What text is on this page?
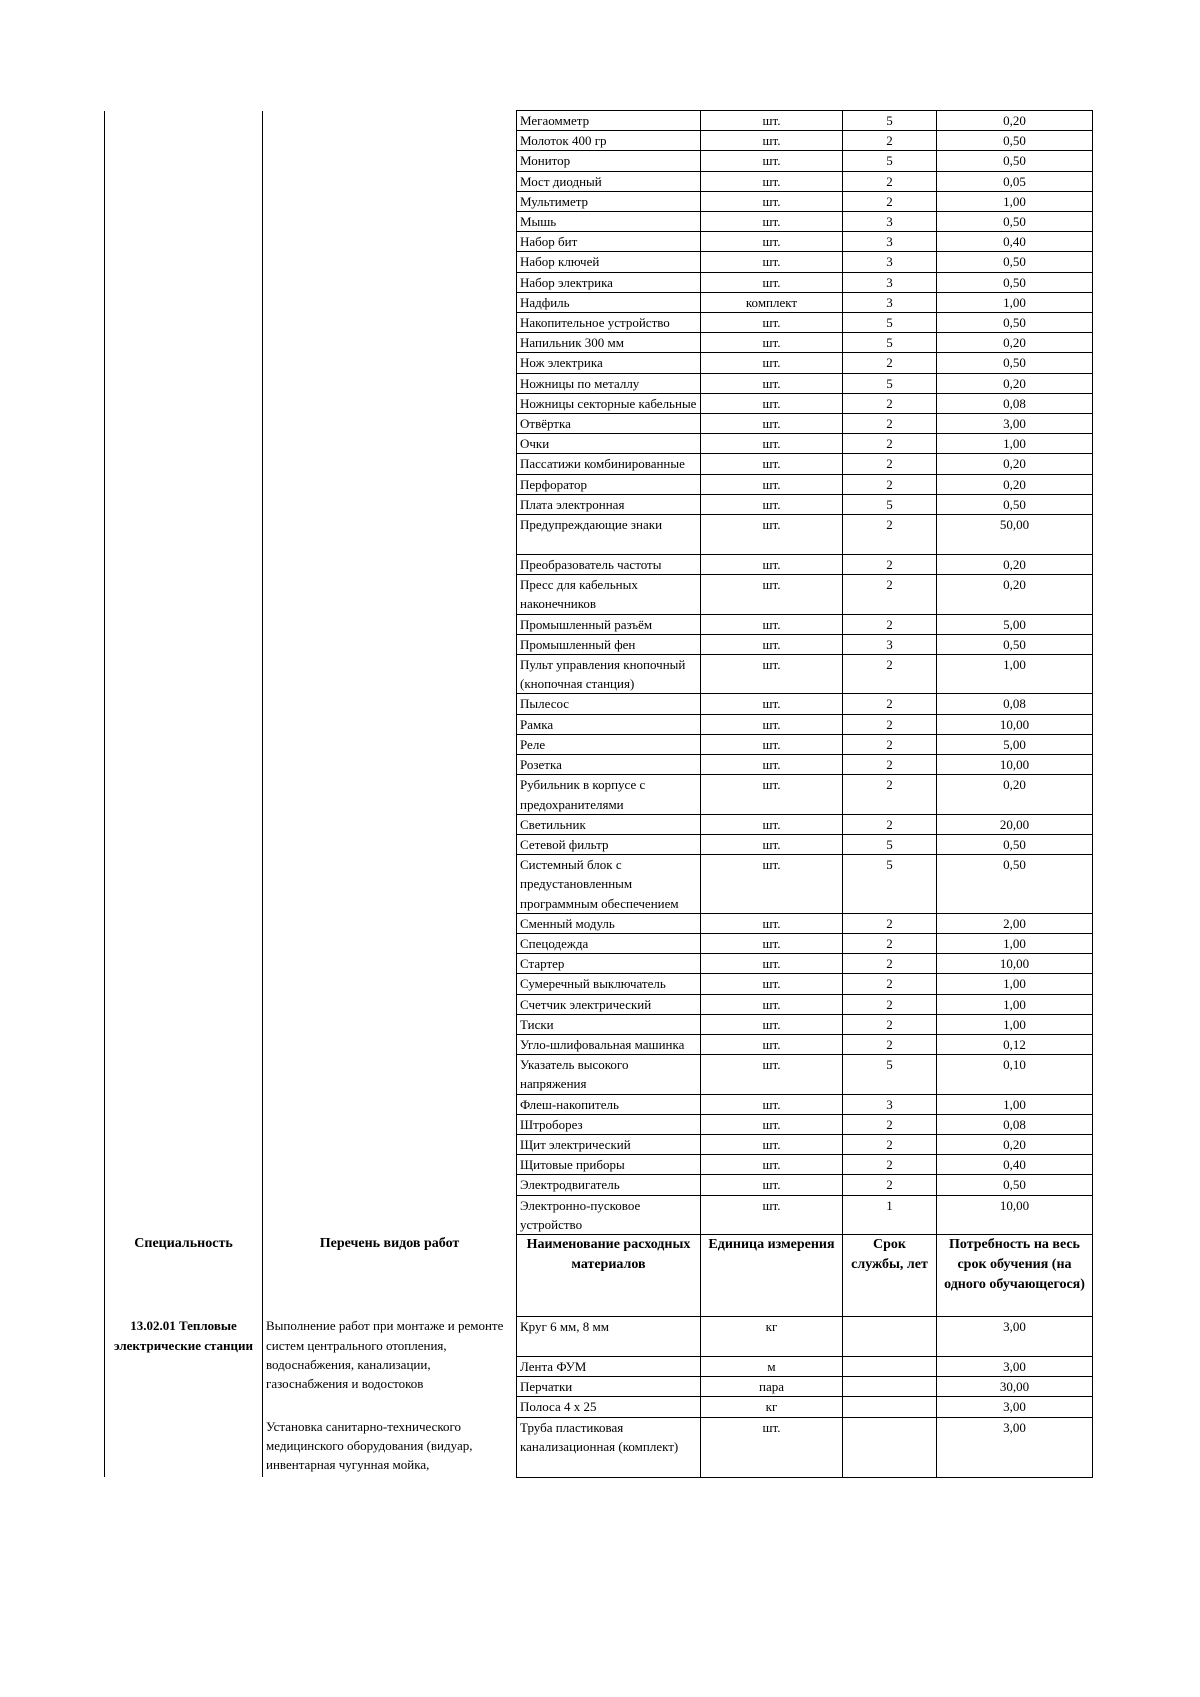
		Мегаомметр	шт.	5	0,20
		Молоток 400 гр	шт.	2	0,50
		Монитор	шт.	5	0,50
		Мост диодный	шт.	2	0,05
		Мультиметр	шт.	2	1,00
		Мышь	шт.	3	0,50
		Набор бит	шт.	3	0,40
		Набор ключей	шт.	3	0,50
		Набор электрика	шт.	3	0,50
		Надфиль	комплект	3	1,00
		Накопительное устройство	шт.	5	0,50
		Напильник 300 мм	шт.	5	0,20
		Нож электрика	шт.	2	0,50
		Ножницы по металлу	шт.	5	0,20
		Ножницы секторные кабельные	шт.	2	0,08
		Отвёртка	шт.	2	3,00
		Очки	шт.	2	1,00
		Пассатижи комбинированные	шт.	2	0,20
		Перфоратор	шт.	2	0,20
		Плата электронная	шт.	5	0,50
		Предупреждающие знаки	шт.	2	50,00
		Преобразователь частоты	шт.	2	0,20
		Пресс для кабельных наконечников	шт.	2	0,20
		Промышленный разъём	шт.	2	5,00
		Промышленный фен	шт.	3	0,50
		Пульт управления кнопочный (кнопочная станция)	шт.	2	1,00
		Пылесос	шт.	2	0,08
		Рамка	шт.	2	10,00
		Реле	шт.	2	5,00
		Розетка	шт.	2	10,00
		Рубильник в корпусе с предохранителями	шт.	2	0,20
		Светильник	шт.	2	20,00
		Сетевой фильтр	шт.	5	0,50
		Системный блок с предустановленным программным обеспечением	шт.	5	0,50
		Сменный модуль	шт.	2	2,00
		Спецодежда	шт.	2	1,00
		Стартер	шт.	2	10,00
		Сумеречный выключатель	шт.	2	1,00
		Счетчик электрический	шт.	2	1,00
		Тиски	шт.	2	1,00
		Угло-шлифовальная машинка	шт.	2	0,12
		Указатель высокого напряжения	шт.	5	0,10
		Флеш-накопитель	шт.	3	1,00
		Штроборез	шт.	2	0,08
		Щит электрический	шт.	2	0,20
		Щитовые приборы	шт.	2	0,40
		Электродвигатель	шт.	2	0,50
		Электронно-пусковое устройство	шт.	1	10,00
Специальность	Перечень видов работ	Наименование расходных материалов	Единица измерения	Срок службы, лет	Потребность на весь срок обучения (на одного обучающегося)
13.02.01 Тепловые электрические станции	Выполнение работ при монтаже и ремонте систем центрального отопления, водоснабжения, канализации, газоснабжения и водостоков	Круг 6 мм, 8 мм	кг		3,00
		Лента ФУМ	м		3,00
		Перчатки	пара		30,00
		Полоса 4 х 25	кг		3,00
	Установка санитарно-технического медицинского оборудования (видуар, инвентарная чугунная мойка,	Труба пластиковая канализационная (комплект)	шт.		3,00
